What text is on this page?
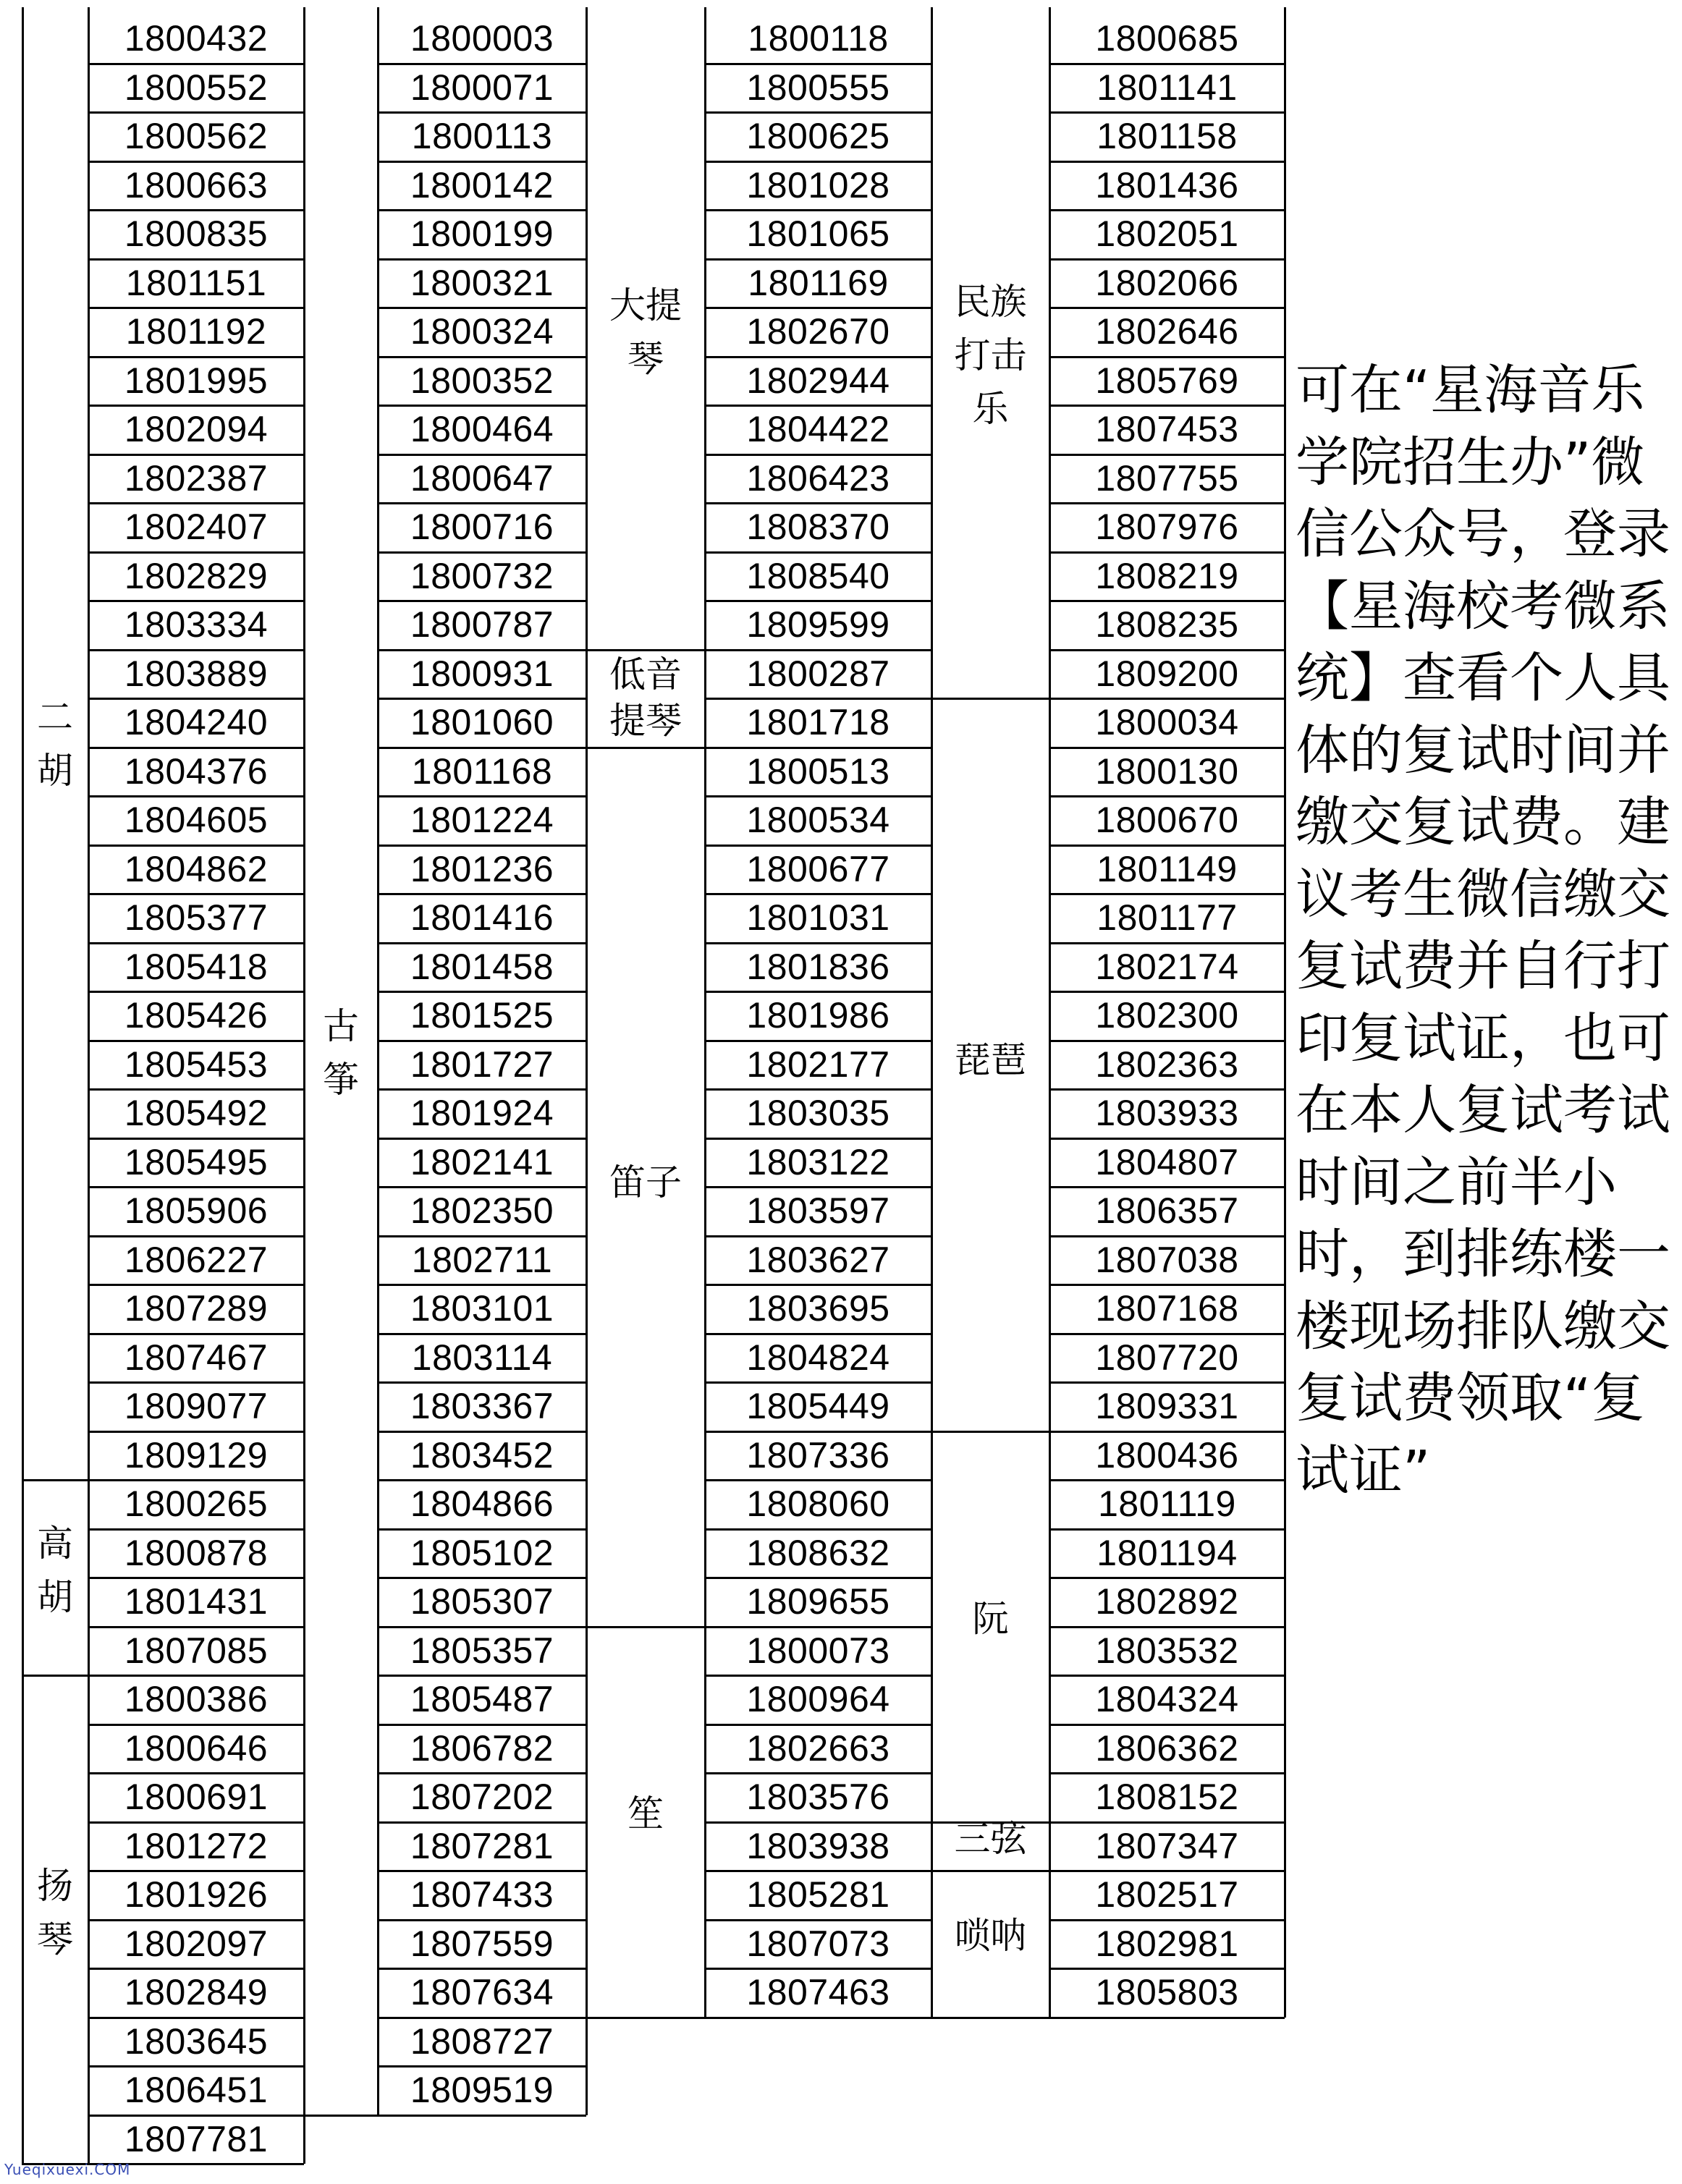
1800432
1800552
1800562
1800663
1800835
1801151
1801192
1801995
1802094
1802387
1802407
1802829
1803334
1803889
1804240
1804376
1804605
1804862
1805377
1805418
1805426
1805453
1805492
1805495
1805906
1806227
1807289
1807467
1809077
1809129
1800265
1800878
1801431
1807085
1800386
1800646
1800691
1801272
1801926
1802097
1802849
1803645
1806451
1807781
1800003
1800071
1800113
1800142
1800199
1800321
1800324
1800352
1800464
1800647
1800716
1800732
1800787
1800931
1801060
1801168
1801224
1801236
1801416
1801458
1801525
1801727
1801924
1802141
1802350
1802711
1803101
1803114
1803367
1803452
1804866
1805102
1805307
1805357
1805487
1806782
1807202
1807281
1807433
1807559
1807634
1808727
1809519
1800118
1800555
1800625
1801028
1801065
1801169
1802670
1802944
1804422
1806423
1808370
1808540
1809599
1800287
1801718
1800513
1800534
1800677
1801031
1801836
1801986
1802177
1803035
1803122
1803597
1803627
1803695
1804824
1805449
1807336
1808060
1808632
1809655
1800073
1800964
1802663
1803576
1803938
1805281
1807073
1807463
1800685
1801141
1801158
1801436
1802051
1802066
1802646
1805769
1807453
1807755
1807976
1808219
1808235
1809200
1800034
1800130
1800670
1801149
1801177
1802174
1802300
1802363
1803933
1804807
1806357
1807038
1807168
1807720
1809331
1800436
1801119
1801194
1802892
1803532
1804324
1806362
1808152
1807347
1802517
1802981
1805803
二
胡
高
胡
扬
琴
古
筝
大提
琴
低音
提琴
笛子
笙
民族
打击
乐
琵琶
阮
三弦
唢呐
可在“星海音乐学院招生办”微信公众号，登录【星海校考微系统】查看个人具体的复试时间并缴交复试费。建议考生微信缴交复试费并自行打印复试证，也可在本人复试考试时间之前半小时，到排练楼一楼现场排队缴交复试费领取“复试证”
Yueqixuexi.COM
